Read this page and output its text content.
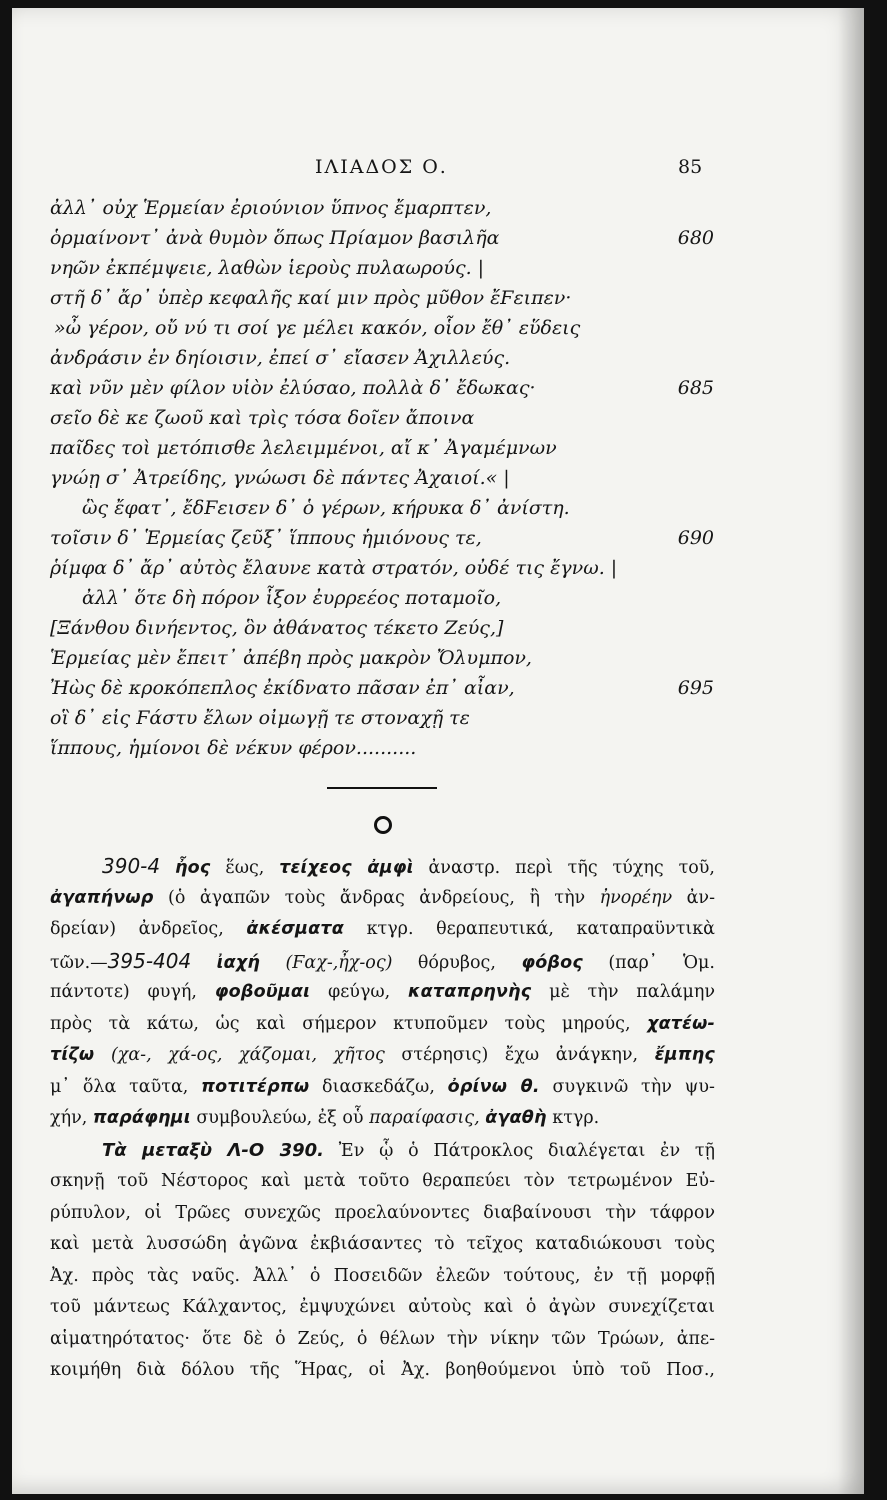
ΙΛΙΑΔΟΣ Ο.	85
ἀλλ᾽ οὐχ Ἑρμείαν ἐριούνιον ὕπνος ἔμαρπτεν,
ὁρμαίνοντ᾽ ἀνὰ θυμὸν ὅπως Πρίαμον βασιλῆα	680
νηῶν ἐκπέμψειε, λαθὼν ἱεροὺς πυλαωρούς. |
στῆ δ᾽ ἄρ᾽ ὑπὲρ κεφαλῆς καί μιν πρὸς μῦθον ἔϜειπεν·
»ὦ γέρον, οὔ νύ τι σοί γε μέλει κακόν, οἷον ἔθ᾽ εὕδεις
ἀνδράσιν ἐν δηίοισιν, ἐπεί σ᾽ εἴασεν Ἀχιλλεύς.
καὶ νῦν μὲν φίλον υἱὸν ἐλύσαο, πολλὰ δ᾽ ἔδωκας·	685
σεῖο δὲ κε ζωοῦ καὶ τρὶς τόσα δοῖεν ἄποινα
παῖδες τοὶ μετόπισθε λελειμμένοι, αἴ κ᾽ Ἀγαμέμνων
γνώῃ σ᾽ Ἀτρείδης, γνώωσι δὲ πάντες Ἀχαιοί.« |
ὣς ἔφατ᾽, ἔδϜεισεν δ᾽ ὁ γέρων, κήρυκα δ᾽ ἀνίστη.
τοῖσιν δ᾽ Ἑρμείας ζεῦξ᾽ ἵππους ἡμιόνους τε,	690
ῥίμφα δ᾽ ἄρ᾽ αὐτὸς ἔλαυνε κατὰ στρατόν, οὐδέ τις ἔγνω. |
ἀλλ᾽ ὅτε δὴ πόρον ἷξον ἐυρρεέος ποταμοῖο,
[Ξάνθου δινήεντος, ὃν ἀθάνατος τέκετο Ζεύς,]
Ἑρμείας μὲν ἔπειτ᾽ ἀπέβη πρὸς μακρὸν Ὄλυμπον,
Ἠὼς δὲ κροκόπεπλος ἐκίδνατο πᾶσαν ἐπ᾽ αἶαν,	695
οἳ δ᾽ εἰς Ϝάστυ ἔλων οἰμωγῇ τε στοναχῇ τε
ἵππους, ἡμίονοι δὲ νέκυν φέρον..........
390-4 ἦος ἕως, τείχεος ἀμφὶ ἀναστρ. περὶ τῆς τύχης τοῦ,
ἀγαπήνωρ (ὁ ἀγαπῶν τοὺς ἄνδρας ἀνδρείους, ἢ τὴν ἠνορέην ἀν-
δρείαν) ἀνδρεῖος, ἀκέσματα κτγρ. θεραπευτικά, καταπραϋντικὰ
τῶν.—395-404 ἰαχή (Ϝαχ-,ἦχ-ος) θόρυβος, φόβος (παρ᾽ Ὁμ.
πάντοτε) φυγή, φοβοῦμαι φεύγω, καταπρηνὴς μὲ τὴν παλάμην
πρὸς τὰ κάτω, ὡς καὶ σήμερον κτυποῦμεν τοὺς μηρούς, χατέω-
τίζω (χα-, χά-ος, χάζομαι, χῆτος στέρησις) ἔχω ἀνάγκην, ἔμπης
μ᾽ ὅλα ταῦτα, ποτιτέρπω διασκεδάζω, ὀρίνω θ. συγκινῶ τὴν ψυ-
χήν, παράφημι συμβουλεύω, ἐξ οὗ παραίφασις, ἀγαθὴ κτγρ.
Τὰ μεταξὺ Λ-Ο 390. Ἐν ᾧ ὁ Πάτροκλος διαλέγεται ἐν τῇ
σκηνῇ τοῦ Νέστορος καὶ μετὰ τοῦτο θεραπεύει τὸν τετρωμένον Εὐ-
ρύπυλον, οἱ Τρῶες συνεχῶς προελαύνοντες διαβαίνουσι τὴν τάφρον
καὶ μετὰ λυσσώδη ἀγῶνα ἐκβιάσαντες τὸ τεῖχος καταδιώκουσι τοὺς
Ἀχ. πρὸς τὰς ναῦς. Ἀλλ᾽ ὁ Ποσειδῶν ἐλεῶν τούτους, ἐν τῇ μορφῇ
τοῦ μάντεως Κάλχαντος, ἐμψυχώνει αὐτοὺς καὶ ὁ ἀγὼν συνεχίζεται
αἱματηρότατος· ὅτε δὲ ὁ Ζεύς, ὁ θέλων τὴν νίκην τῶν Τρώων, ἀπε-
κοιμήθη διὰ δόλου τῆς Ἥρας, οἱ Ἀχ. βοηθούμενοι ὑπὸ τοῦ Ποσ.,
